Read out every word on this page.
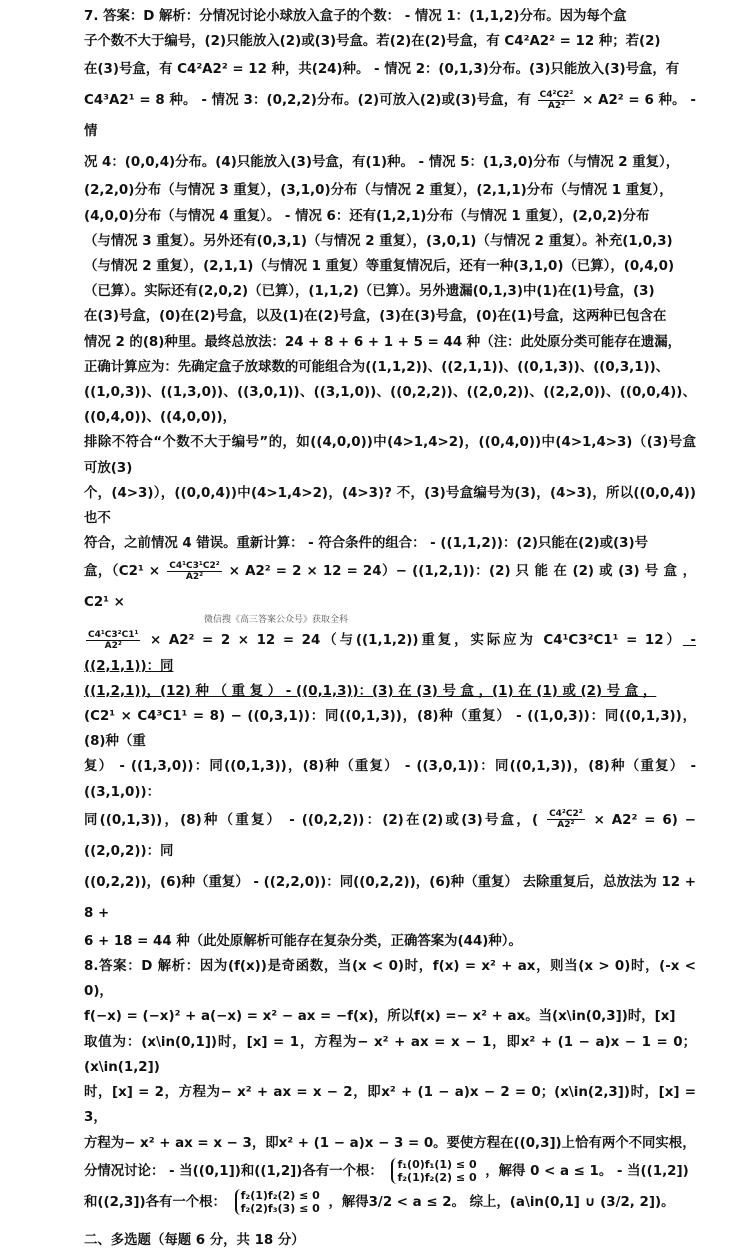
7. 答案：D 解析：分情况讨论小球放入盒子的个数： - 情况 1：(1,1,2)分布。因为每个盒

子个数不大于编号，(2)只能放入(2)或(3)号盒。若(2)在(2)号盒，有 C4²A2² = 12 种；若(2)

在(3)号盒，有 C4²A2² = 12 种，共(24)种。 - 情况 2：(0,1,3)分布。(3)只能放入(3)号盒，有

C4³A2¹ = 8 种。 - 情况 3：(0,2,2)分布。(2)可放入(2)或(3)号盒，有 $\frac{\text{C4²C2²}}{\text{A2²}} \times A2^2 = 6$ 种。 - 情

况 4：(0,0,4)分布。(4)只能放入(3)号盒，有(1)种。 - 情况 5：(1,3,0)分布（与情况 2 重复），

(2,2,0)分布（与情况 3 重复），(3,1,0)分布（与情况 2 重复），(2,1,1)分布（与情况 1 重复），

(4,0,0)分布（与情况 4 重复）。 - 情况 6：还有(1,2,1)分布（与情况 1 重复），(2,0,2)分布

（与情况 3 重复）。另外还有(0,3,1)（与情况 2 重复），(3,0,1)（与情况 2 重复）。补充(1,0,3)

（与情况 2 重复），(2,1,1)（与情况 1 重复）等重复情况后，还有一种(3,1,0)（已算），(0,4,0)

（已算）。实际还有(2,0,2)（已算），(1,1,2)（已算）。另外遗漏(0,1,3)中(1)在(1)号盒，(3)

在(3)号盒，(0)在(2)号盒，以及(1)在(2)号盒，(3)在(3)号盒，(0)在(1)号盒，这两种已包含在

情况 2 的(8)种里。最终总放法：24 + 8 + 6 + 1 + 5 = 44 种（注：此处原分类可能存在遗漏，

正确计算应为：先确定盒子放球数的可能组合为((1,1,2))、((2,1,1))、((0,1,3))、((0,3,1))、

((1,0,3))、((1,3,0))、((3,0,1))、((3,1,0))、((0,2,2))、((2,0,2))、((2,2,0))、((0,0,4))、((0,4,0))、((4,0,0))，

排除不符合“个数不大于编号”的，如((4,0,0))中(4>1,4>2)，((0,4,0))中(4>1,4>3)（(3)号盒可放(3)

个，(4>3)），((0,0,4))中(4>1,4>2)，(4>3)? 不，(3)号盒编号为(3)，(4>3)，所以((0,0,4))也不

符合，之前情况 4 错误。重新计算： - 符合条件的组合： - ((1,1,2))：(2)只能在(2)或(3)号

盒，$(C2^1 \times \frac{\text{C4¹C3¹C2²}}{\text{A2²}} \times A2^2 = 2 \times 12 = 24)- ((1,2,1))$：(2) 只 能 在 (2) 或 (3) 号 盒 ，C2¹ ×

微信搜《高三答案公众号》获取全科

$\frac{\text{C4¹C3²C1¹}}{\text{A2²}} \times A2^2 = 2 \times 12 = 24$（与((1,1,2))重复，实际应为 C4¹C3²C1¹ = 12） - ((2,1,1))：同

((1,2,1))，(12) 种 （ 重 复 ） - ((0,1,3))：(3) 在 (3) 号 盒 ，(1) 在 (1) 或 (2) 号 盒 ，

(C2¹ × C4³C1¹ = 8) − ((0,3,1))：同((0,1,3))，(8)种（重复） - ((1,0,3))：同((0,1,3))，(8)种（重

复） - ((1,3,0))：同((0,1,3))，(8)种（重复） - ((3,0,1))：同((0,1,3))，(8)种（重复） - ((3,1,0))：

同((0,1,3))，(8)种（重复） - ((0,2,2))：(2)在(2)或(3)号盒，( $\frac{\text{C4²C2²}}{\text{A2²}} \times A2^2 = 6) - ((2,0,2))$：同

((0,2,2))，(6)种（重复） - ((2,2,0))：同((0,2,2))，(6)种（重复） 去除重复后，总放法为 12 + 8 +

6 + 18 = 44 种（此处原解析可能存在复杂分类，正确答案为(44)种）。

8.答案：D 解析：因为(f(x))是奇函数，当(x < 0)时，f(x) = x² + ax，则当(x > 0)时，(-x < 0)，

f(−x) = (−x)² + a(−x) = x² − ax = −f(x)，所以f(x) =− x² + ax。当(x\in(0,3])时，[x]

取值为：(x\in(0,1])时，[x] = 1，方程为− x² + ax = x − 1，即x² + (1 − a)x − 1 = 0；(x\in(1,2])

时，[x] = 2，方程为− x² + ax = x − 2，即x² + (1 − a)x − 2 = 0；(x\in(2,3])时，[x] = 3，

方程为− x² + ax = x − 3，即x² + (1 − a)x − 3 = 0。要使方程在((0,3])上恰有两个不同实根，

分情况讨论： - 当((0,1])和((1,2])各有一个根： f₁(0)f₁(1) ≤ 0
f₂(1)f₂(2) ≤ 0 ，解得 0 < a ≤ 1。 - 当((1,2])

和((2,3])各有一个根： f₂(1)f₂(2) ≤ 0
f₂(2)f₃(3) ≤ 0 ，解得3/2 < a ≤ 2。 综上，(a\in(0,1] ∪ (3/2, 2])。

二、多选题（每题 6 分，共 18 分）
